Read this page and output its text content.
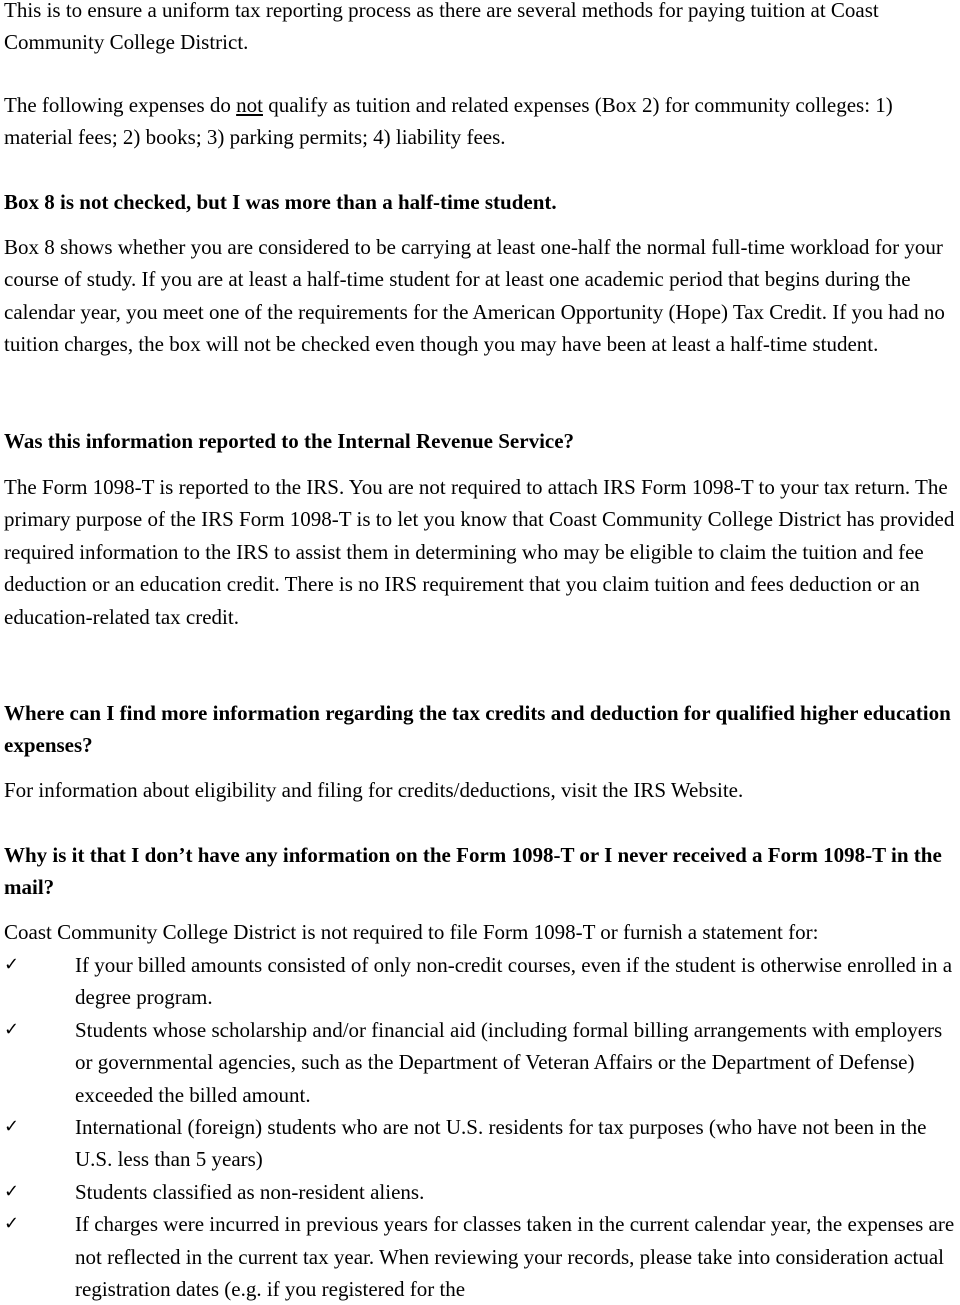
This is to ensure a uniform tax reporting process as there are several methods for paying tuition at Coast Community College District.

The following expenses do not qualify as tuition and related expenses (Box 2) for community colleges: 1) material fees; 2) books; 3) parking permits; 4) liability fees.

Box 8 is not checked, but I was more than a half-time student.

Box 8 shows whether you are considered to be carrying at least one-half the normal full-time workload for your course of study. If you are at least a half-time student for at least one academic period that begins during the calendar year, you meet one of the requirements for the American Opportunity (Hope) Tax Credit. If you had no tuition charges, the box will not be checked even though you may have been at least a half-time student.

Was this information reported to the Internal Revenue Service?

The Form 1098-T is reported to the IRS. You are not required to attach IRS Form 1098-T to your tax return. The primary purpose of the IRS Form 1098-T is to let you know that Coast Community College District has provided required information to the IRS to assist them in determining who may be eligible to claim the tuition and fee deduction or an education credit. There is no IRS requirement that you claim tuition and fees deduction or an education-related tax credit.

Where can I find more information regarding the tax credits and deduction for qualified higher education expenses?

For information about eligibility and filing for credits/deductions, visit the IRS Website.

Why is it that I don’t have any information on the Form 1098-T or I never received a Form 1098-T in the mail?

Coast Community College District is not required to file Form 1098-T or furnish a statement for:

✓	If your billed amounts consisted of only non-credit courses, even if the student is otherwise enrolled in a degree program.
✓	Students whose scholarship and/or financial aid (including formal billing arrangements with employers or governmental agencies, such as the Department of Veteran Affairs or the Department of Defense) exceeded the billed amount.
✓	International (foreign) students who are not U.S. residents for tax purposes (who have not been in the U.S. less than 5 years)
✓	Students classified as non-resident aliens.
✓	If charges were incurred in previous years for classes taken in the current calendar year, the expenses are not reflected in the current tax year. When reviewing your records, please take into consideration actual registration dates (e.g. if you registered for the
